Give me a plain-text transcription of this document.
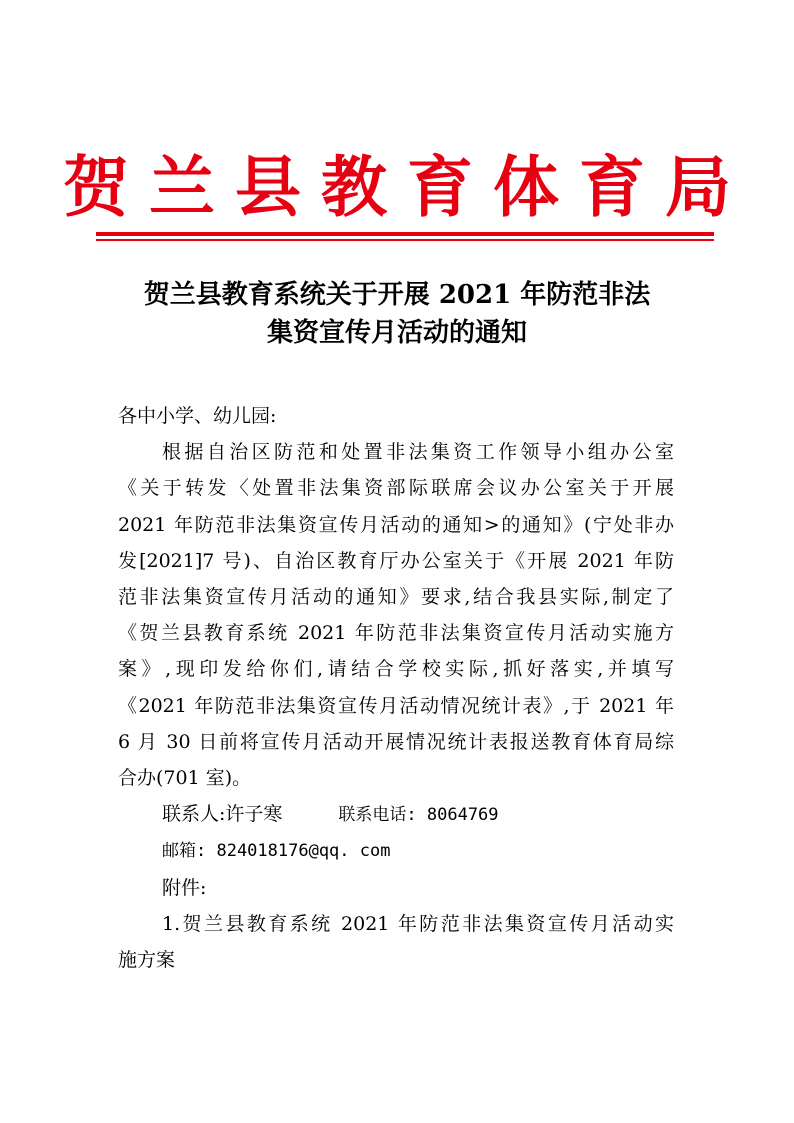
贺兰县教育体育局
贺兰县教育系统关于开展 2021 年防范非法
集资宣传月活动的通知
各中小学、幼儿园:
根据自治区防范和处置非法集资工作领导小组办公室
《关于转发〈处置非法集资部际联席会议办公室关于开展
2021 年防范非法集资宣传月活动的通知>的通知》(宁处非办
发[2021]7 号)、自治区教育厅办公室关于《开展 2021 年防
范非法集资宣传月活动的通知》要求,结合我县实际,制定了
《贺兰县教育系统 2021 年防范非法集资宣传月活动实施方
案》,现印发给你们,请结合学校实际,抓好落实,并填写
《2021 年防范非法集资宣传月活动情况统计表》,于 2021 年
6 月 30 日前将宣传月活动开展情况统计表报送教育体育局综
合办(701 室)。
联系人:许子寒	联系电话: 8064769
邮箱: 824018176@qq. com
附件:
1.贺兰县教育系统 2021 年防范非法集资宣传月活动实
施方案
